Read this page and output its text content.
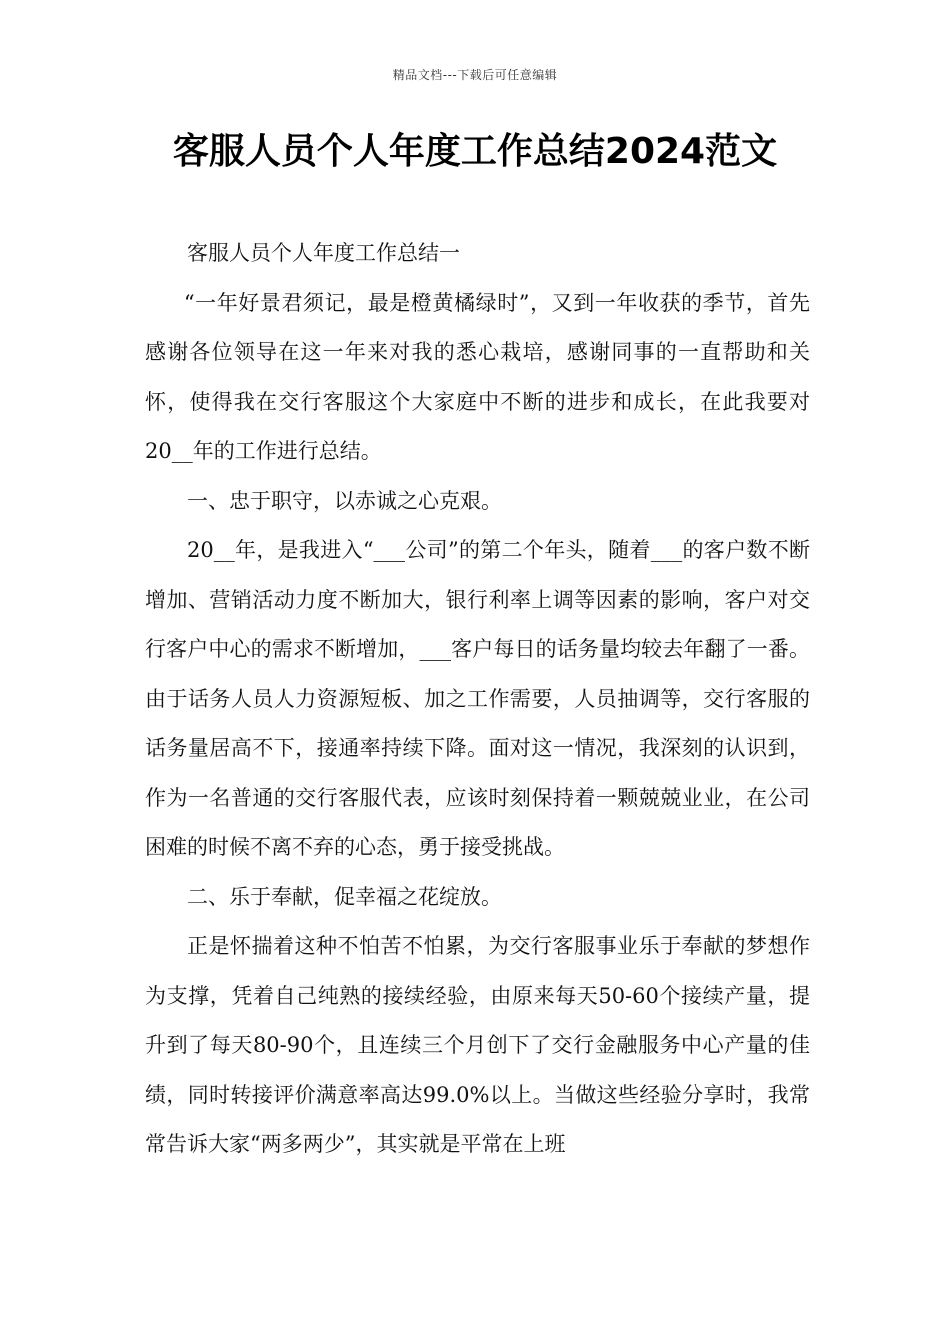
精品文档---下载后可任意编辑
客服人员个人年度工作总结2024范文

客服人员个人年度工作总结一

“一年好景君须记，最是橙黄橘绿时”，又到一年收获的季节，首先感谢各位领导在这一年来对我的悉心栽培，感谢同事的一直帮助和关怀，使得我在交行客服这个大家庭中不断的进步和成长，在此我要对20__年的工作进行总结。

一、忠于职守，以赤诚之心克艰。

20__年，是我进入“___公司”的第二个年头，随着___的客户数不断增加、营销活动力度不断加大，银行利率上调等因素的影响，客户对交行客户中心的需求不断增加，___客户每日的话务量均较去年翻了一番。由于话务人员人力资源短板、加之工作需要，人员抽调等，交行客服的话务量居高不下，接通率持续下降。面对这一情况，我深刻的认识到，作为一名普通的交行客服代表，应该时刻保持着一颗兢兢业业，在公司困难的时候不离不弃的心态，勇于接受挑战。

二、乐于奉献，促幸福之花绽放。

正是怀揣着这种不怕苦不怕累，为交行客服事业乐于奉献的梦想作为支撑，凭着自己纯熟的接续经验，由原来每天50-60个接续产量，提升到了每天80-90个，且连续三个月创下了交行金融服务中心产量的佳绩，同时转接评价满意率高达99.0%以上。当做这些经验分享时，我常常告诉大家“两多两少”，其实就是平常在上班
